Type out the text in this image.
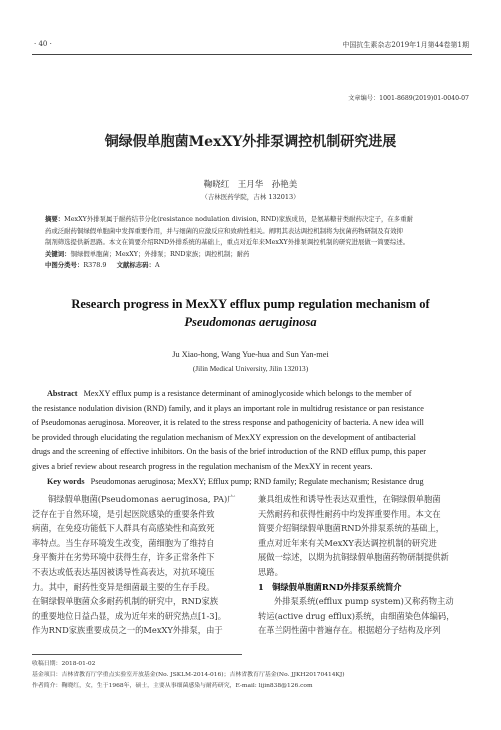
· 40 ·	中国抗生素杂志2019年1月第44卷第1期
文章编号：1001-8689(2019)01-0040-07
铜绿假单胞菌MexXY外排泵调控机制研究进展
鞠晓红　王月华　孙艳美
（吉林医药学院，吉林 132013）
摘要：MexXY外排泵属于耐药结节分化(resistance nodulation division, RND)家族成员，是氨基糖苷类耐药决定子，在多重耐
药或泛耐药铜绿假单胞菌中发挥重要作用，并与细菌的应激反应和致病性相关。阐明其表达调控机制将为抗菌药物研制及有效抑
制剂筛选提供新思路。本文在简要介绍RND外排系统的基础上，重点对近年来MexXY外排泵调控机制的研究进展做一简要综述。
关键词：铜绿假单胞菌；MexXY；外排泵；RND家族；调控机制；耐药
中图分类号：R378.9 文献标志码：A
Research progress in MexXY efflux pump regulation mechanism of
Pseudomonas aeruginosa
Ju Xiao-hong, Wang Yue-hua and Sun Yan-mei
(Jilin Medical University, Jilin 132013)
Abstract MexXY efflux pump is a resistance determinant of aminoglycoside which belongs to the member of
the resistance nodulation division (RND) family, and it plays an important role in multidrug resistance or pan resistance
of Pseudomonas aeruginosa. Moreover, it is related to the stress response and pathogenicity of bacteria. A new idea will
be provided through elucidating the regulation mechanism of MexXY expression on the development of antibacterial
drugs and the screening of effective inhibitors. On the basis of the brief introduction of the RND efflux pump, this paper
gives a brief review about research progress in the regulation mechanism of the MexXY in recent years.
Key words Pseudomonas aeruginosa; MexXY; Efflux pump; RND family; Regulate mechanism; Resistance drug
铜绿假单胞菌(Pseudomonas aeruginosa, PA)广
泛存在于自然环境，是引起医院感染的重要条件致
病菌，在免疫功能低下人群具有高感染性和高致死
率特点。当生存环境发生改变，菌细胞为了维持自
身平衡并在劣势环境中获得生存，许多正常条件下
不表达或低表达基因被诱导性高表达，对抗环境压
力。其中，耐药性变异是细菌最主要的生存手段。
在铜绿假单胞菌众多耐药机制的研究中，RND家族
的重要地位日益凸显，成为近年来的研究热点[1-3]。
作为RND家族重要成员之一的MexXY外排泵，由于
兼具组成性和诱导性表达双重性，在铜绿假单胞菌
天然耐药和获得性耐药中均发挥重要作用。本文在
简要介绍铜绿假单胞菌RND外排泵系统的基础上，
重点对近年来有关MexXY表达调控机制的研究进
展做一综述，以期为抗铜绿假单胞菌药物研制提供新
思路。
1　铜绿假单胞菌RND外排泵系统简介
外排泵系统(efflux pump system)又称药物主动
转运(active drug efflux)系统，由细菌染色体编码，
在革兰阴性菌中普遍存在。根据超分子结构及序列
收稿日期：2018-01-02
基金项目：吉林省教育厅学重点实验室开放基金(No. JSKLM-2014-016)；吉林省教育厅基金(No. JJKH20170414KJ)
作者简介：鞠晓红，女，生于1968年，硕士，主要从事细菌感染与耐药研究，E-mail: lijin838@126.com
